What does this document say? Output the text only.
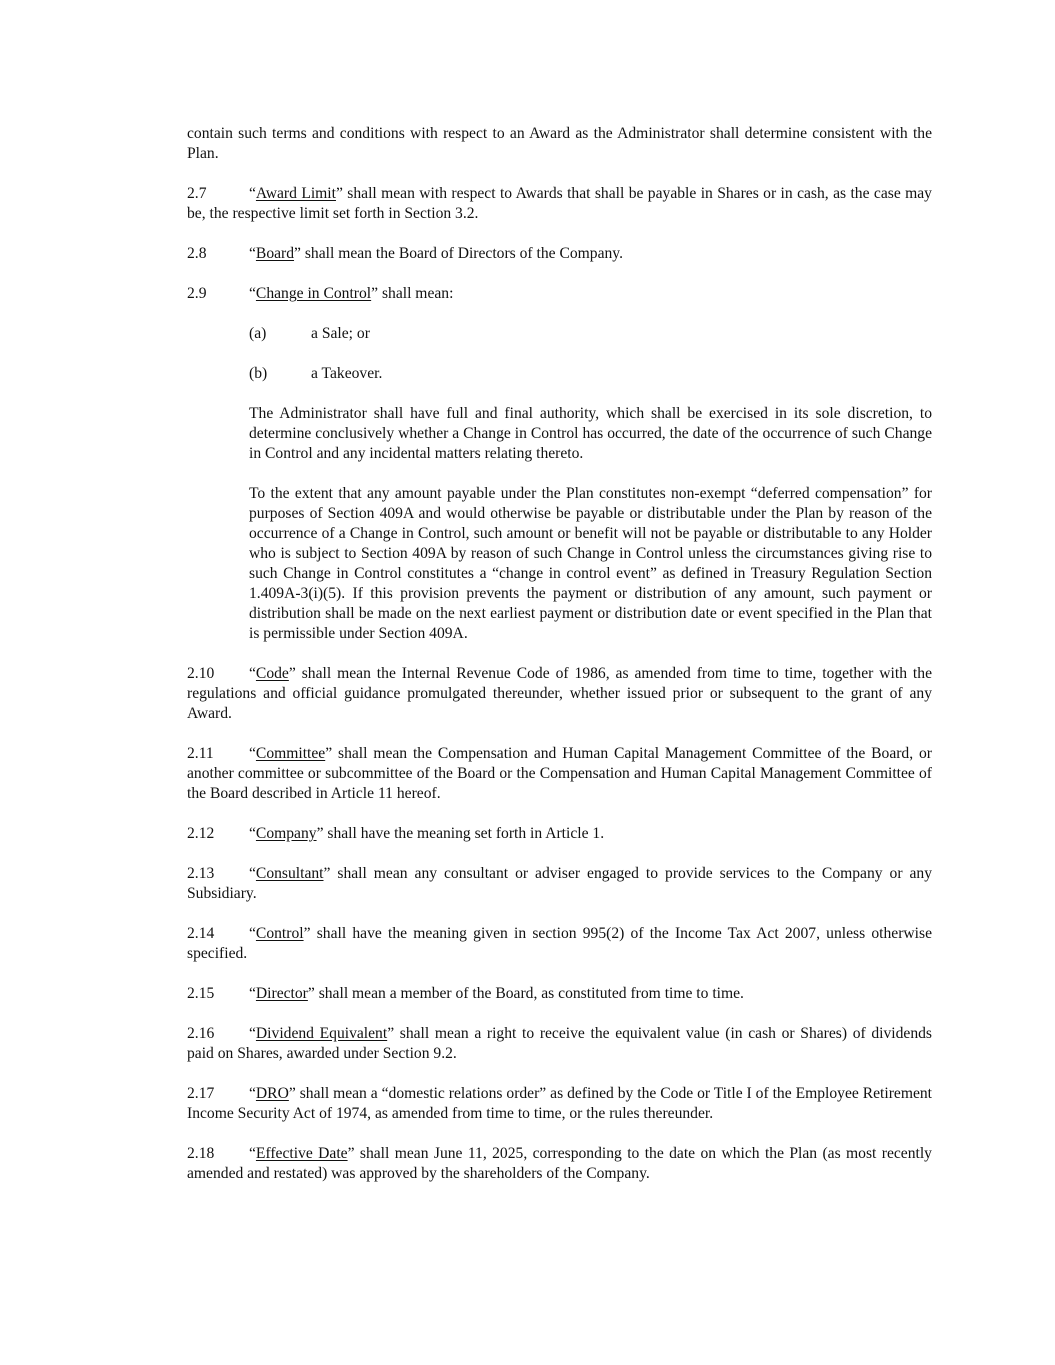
contain such terms and conditions with respect to an Award as the Administrator shall determine consistent with the Plan.

2.7	“Award Limit” shall mean with respect to Awards that shall be payable in Shares or in cash, as the case may be, the respective limit set forth in Section 3.2.

2.8	“Board” shall mean the Board of Directors of the Company.

2.9	“Change in Control” shall mean:

(a)	a Sale; or

(b)	a Takeover.

The Administrator shall have full and final authority, which shall be exercised in its sole discretion, to determine conclusively whether a Change in Control has occurred, the date of the occurrence of such Change in Control and any incidental matters relating thereto.

To the extent that any amount payable under the Plan constitutes non-exempt “deferred compensation” for purposes of Section 409A and would otherwise be payable or distributable under the Plan by reason of the occurrence of a Change in Control, such amount or benefit will not be payable or distributable to any Holder who is subject to Section 409A by reason of such Change in Control unless the circumstances giving rise to such Change in Control constitutes a “change in control event” as defined in Treasury Regulation Section 1.409A-3(i)(5). If this provision prevents the payment or distribution of any amount, such payment or distribution shall be made on the next earliest payment or distribution date or event specified in the Plan that is permissible under Section 409A.

2.10 “Code” shall mean the Internal Revenue Code of 1986, as amended from time to time, together with the regulations and official guidance promulgated thereunder, whether issued prior or subsequent to the grant of any Award.

2.11 “Committee” shall mean the Compensation and Human Capital Management Committee of the Board, or another committee or subcommittee of the Board or the Compensation and Human Capital Management Committee of the Board described in Article 11 hereof.

2.12 “Company” shall have the meaning set forth in Article 1.

2.13 “Consultant” shall mean any consultant or adviser engaged to provide services to the Company or any Subsidiary.

2.14 “Control” shall have the meaning given in section 995(2) of the Income Tax Act 2007, unless otherwise specified.

2.15 “Director” shall mean a member of the Board, as constituted from time to time.

2.16 “Dividend Equivalent” shall mean a right to receive the equivalent value (in cash or Shares) of dividends paid on Shares, awarded under Section 9.2.

2.17 “DRO” shall mean a “domestic relations order” as defined by the Code or Title I of the Employee Retirement Income Security Act of 1974, as amended from time to time, or the rules thereunder.

2.18 “Effective Date” shall mean June 11, 2025, corresponding to the date on which the Plan (as most recently amended and restated) was approved by the shareholders of the Company.
